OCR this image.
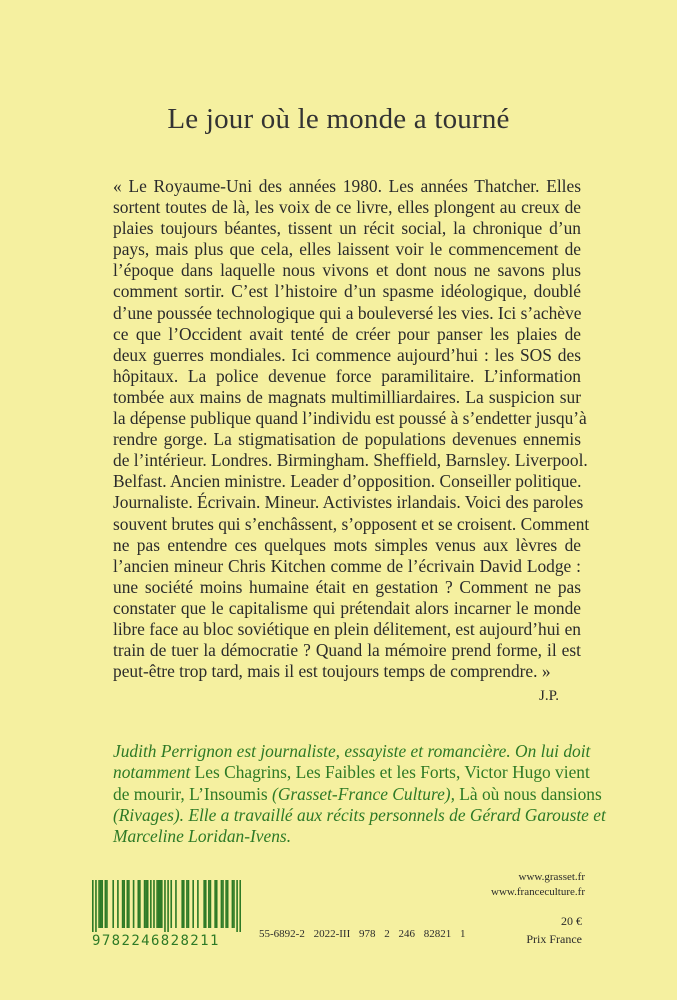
Le jour où le monde a tourné
« Le Royaume-Uni des années 1980. Les années Thatcher. Elles
sortent toutes de là, les voix de ce livre, elles plongent au creux de
plaies toujours béantes, tissent un récit social, la chronique d’un
pays, mais plus que cela, elles laissent voir le commencement de
l’époque dans laquelle nous vivons et dont nous ne savons plus
comment sortir. C’est l’histoire d’un spasme idéologique, doublé
d’une poussée technologique qui a bouleversé les vies. Ici s’achève
ce que l’Occident avait tenté de créer pour panser les plaies de
deux guerres mondiales. Ici commence aujourd’hui : les SOS des
hôpitaux. La police devenue force paramilitaire. L’information
tombée aux mains de magnats multimilliardaires. La suspicion sur
la dépense publique quand l’individu est poussé à s’endetter jusqu’à
rendre gorge. La stigmatisation de populations devenues ennemis
de l’intérieur. Londres. Birmingham. Sheffield, Barnsley. Liverpool.
Belfast. Ancien ministre. Leader d’opposition. Conseiller politique.
Journaliste. Écrivain. Mineur. Activistes irlandais. Voici des paroles
souvent brutes qui s’enchâssent, s’opposent et se croisent. Comment
ne pas entendre ces quelques mots simples venus aux lèvres de
l’ancien mineur Chris Kitchen comme de l’écrivain David Lodge :
une société moins humaine était en gestation ? Comment ne pas
constater que le capitalisme qui prétendait alors incarner le monde
libre face au bloc soviétique en plein délitement, est aujourd’hui en
train de tuer la démocratie ? Quand la mémoire prend forme, il est
peut-être trop tard, mais il est toujours temps de comprendre. »
J.P.
Judith Perrignon est journaliste, essayiste et romancière. On lui doit
notamment Les Chagrins, Les Faibles et les Forts, Victor Hugo vient
de mourir, L’Insoumis (Grasset-France Culture), Là où nous dansions
(Rivages). Elle a travaillé aux récits personnels de Gérard Garouste et
Marceline Loridan-Ivens.
www.grasset.fr
www.franceculture.fr
20 €
Prix France
9782246828211	55-6892-2 2022-III 978 2 246 82821 1
